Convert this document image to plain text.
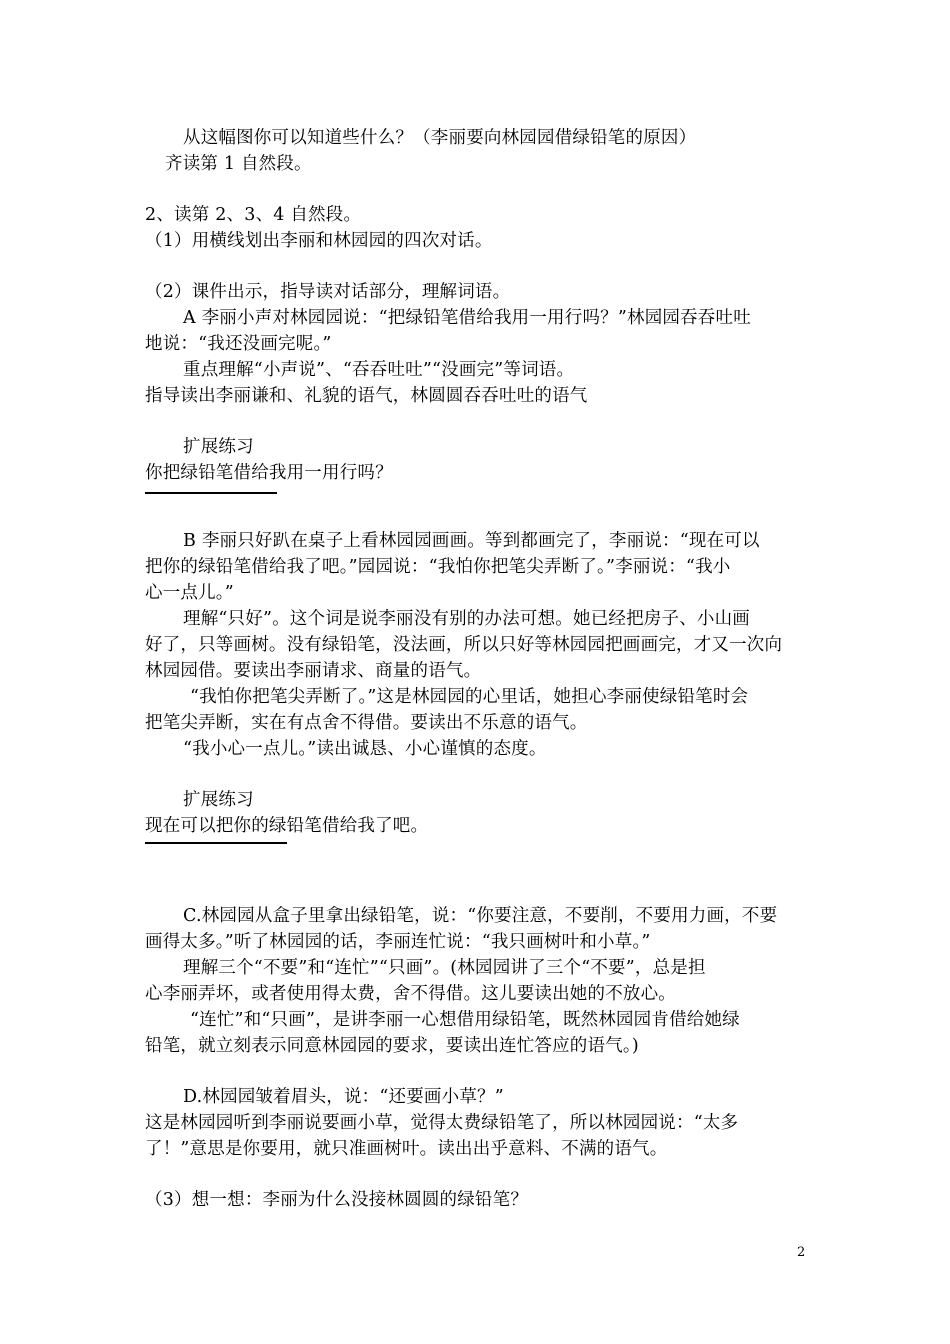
从这幅图你可以知道些什么？（李丽要向林园园借绿铅笔的原因）
齐读第 1 自然段。
2、读第 2、3、4 自然段。
（1）用横线划出李丽和林园园的四次对话。
（2）课件出示，指导读对话部分，理解词语。
A 李丽小声对林园园说：“把绿铅笔借给我用一用行吗？”林园园吞吞吐吐
地说：“我还没画完呢。”
重点理解“小声说”、“吞吞吐吐”“没画完”等词语。
指导读出李丽谦和、礼貌的语气，林圆圆吞吞吐吐的语气
扩展练习
你把绿铅笔借给我用一用行吗？
B 李丽只好趴在桌子上看林园园画画。等到都画完了，李丽说：“现在可以
把你的绿铅笔借给我了吧。”园园说：“我怕你把笔尖弄断了。”李丽说：“我小
心一点儿。”
理解“只好”。这个词是说李丽没有别的办法可想。她已经把房子、小山画
好了，只等画树。没有绿铅笔，没法画，所以只好等林园园把画画完，才又一次向
林园园借。要读出李丽请求、商量的语气。
“我怕你把笔尖弄断了。”这是林园园的心里话，她担心李丽使绿铅笔时会
把笔尖弄断，实在有点舍不得借。要读出不乐意的语气。
“我小心一点儿。”读出诚恳、小心谨慎的态度。
扩展练习
现在可以把你的绿铅笔借给我了吧。
C.林园园从盒子里拿出绿铅笔，说：“你要注意，不要削，不要用力画，不要
画得太多。”听了林园园的话，李丽连忙说：“我只画树叶和小草。”
理解三个“不要”和“连忙”“只画”。(林园园讲了三个“不要”，总是担
心李丽弄坏，或者使用得太费，舍不得借。这儿要读出她的不放心。
“连忙”和“只画”，是讲李丽一心想借用绿铅笔，既然林园园肯借给她绿
铅笔，就立刻表示同意林园园的要求，要读出连忙答应的语气。)
D.林园园皱着眉头，说：“还要画小草？”
这是林园园听到李丽说要画小草，觉得太费绿铅笔了，所以林园园说：“太多
了！”意思是你要用，就只准画树叶。读出出乎意料、不满的语气。
（3）想一想：李丽为什么没接林圆圆的绿铅笔？
2
